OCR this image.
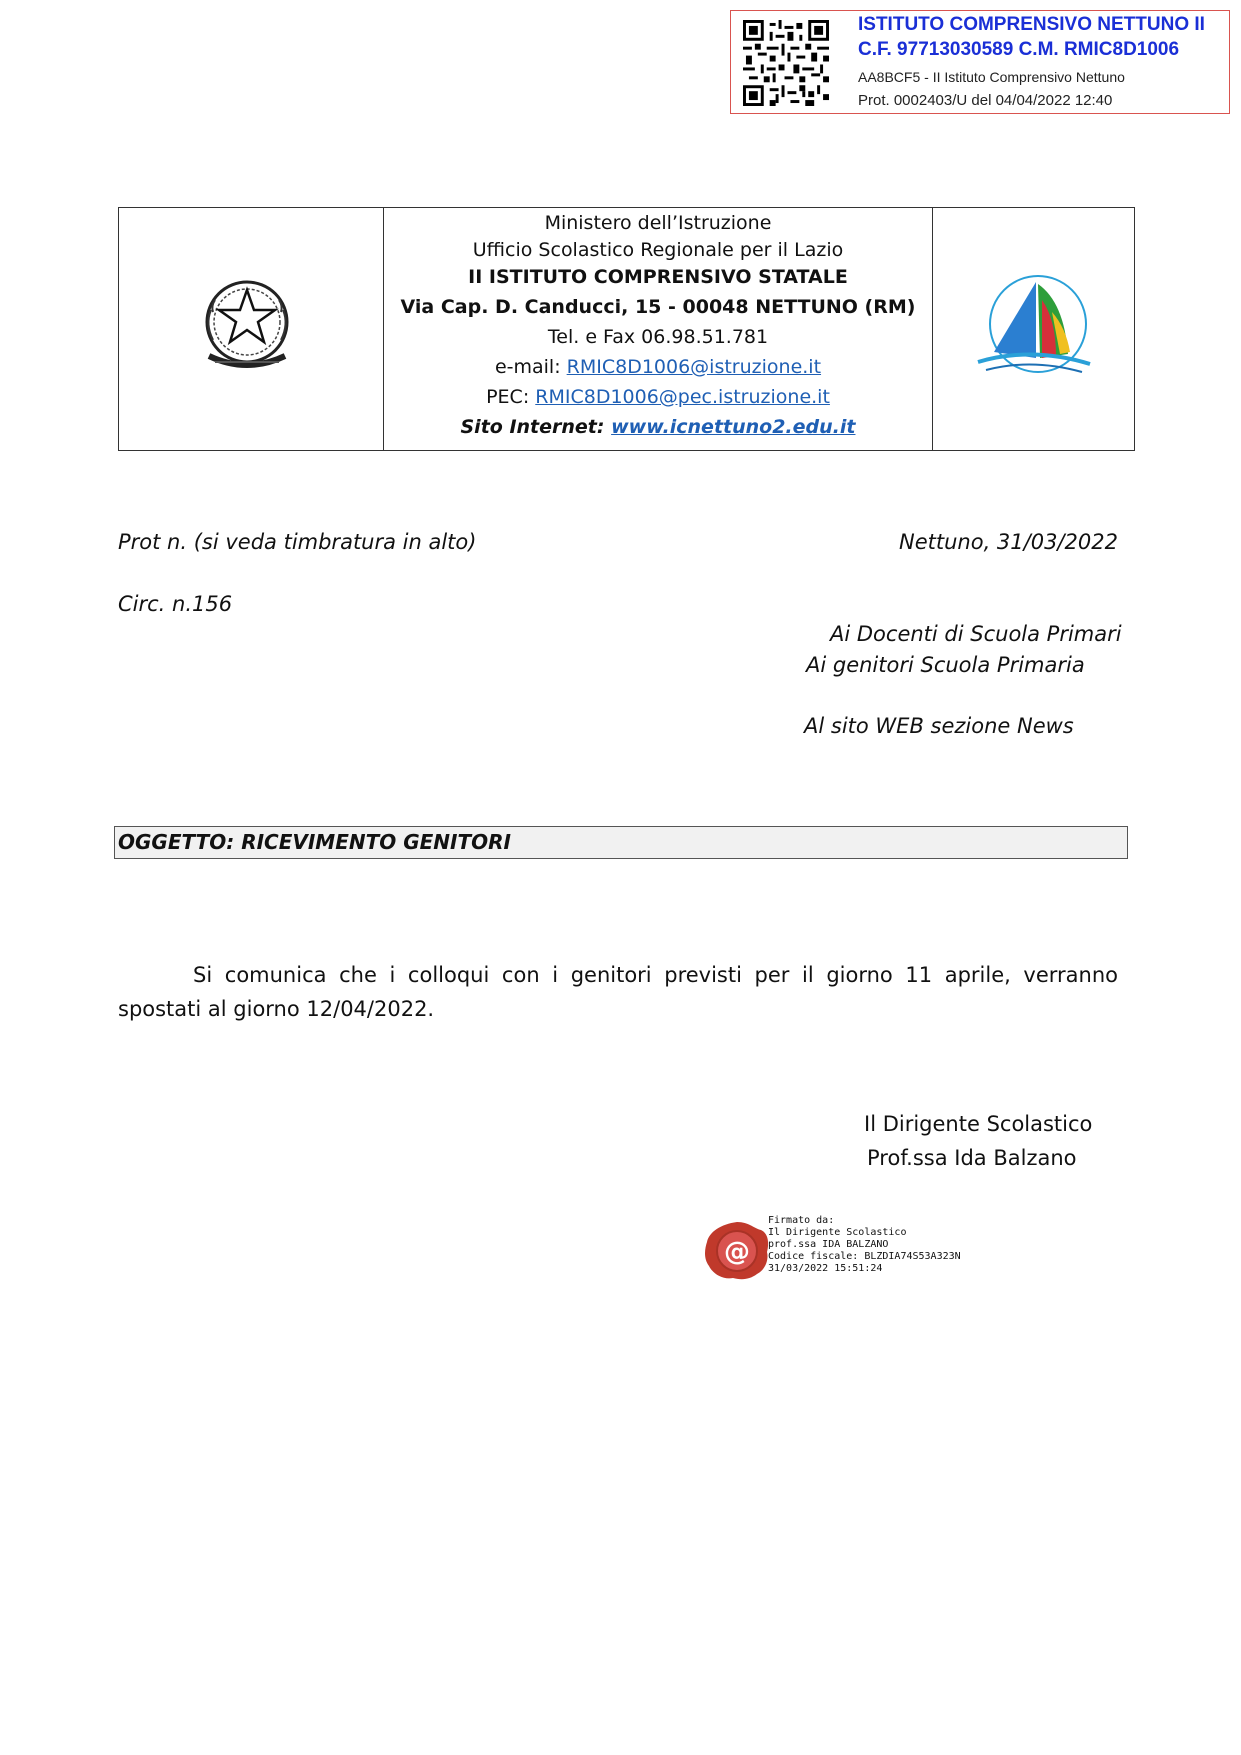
ISTITUTO COMPRENSIVO NETTUNO II
C.F. 97713030589 C.M. RMIC8D1006
AA8BCF5 - II Istituto Comprensivo Nettuno
Prot. 0002403/U del 04/04/2022 12:40
Ministero dell’Istruzione
Ufficio Scolastico Regionale per il Lazio
II ISTITUTO COMPRENSIVO STATALE
Via Cap. D. Canducci, 15 - 00048 NETTUNO (RM)
Tel. e Fax 06.98.51.781
e-mail: RMIC8D1006@istruzione.it
PEC: RMIC8D1006@pec.istruzione.it
Sito Internet: www.icnettuno2.edu.it
Prot n. (si veda timbratura in alto)	Nettuno, 31/03/2022
Circ. n.156
Ai Docenti di Scuola Primari
Ai genitori Scuola Primaria
Al sito WEB sezione News
OGGETTO: RICEVIMENTO GENITORI
Si comunica che i colloqui con i genitori previsti per il giorno 11 aprile, verranno spostati al giorno 12/04/2022.
Il Dirigente Scolastico
Prof.ssa Ida Balzano
@
Firmato da:
Il Dirigente Scolastico
prof.ssa IDA BALZANO
Codice fiscale: BLZDIA74S53A323N
31/03/2022 15:51:24
